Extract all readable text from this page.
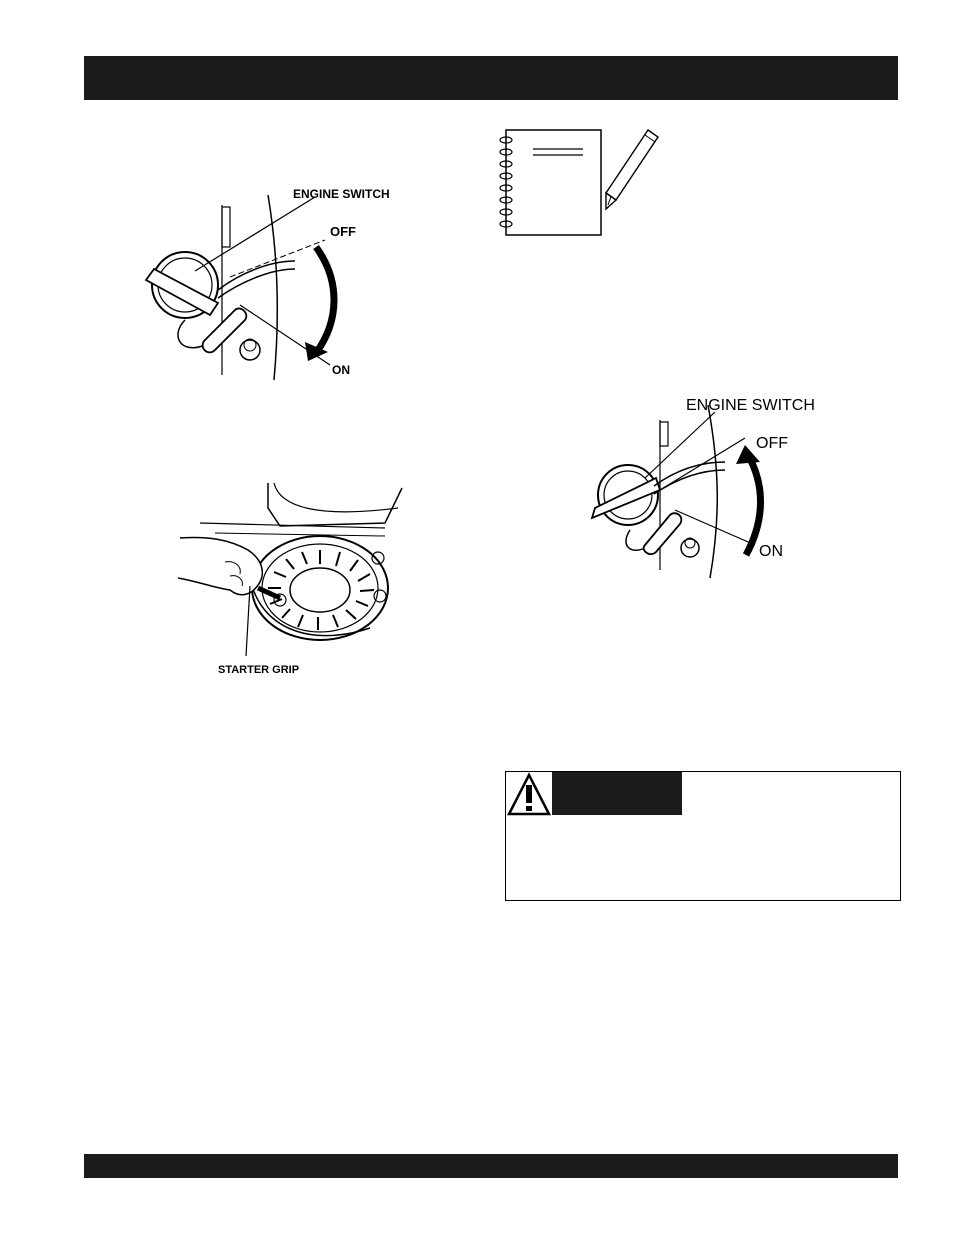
ENGINE SWITCH
OFF
ON
STARTER GRIP
ENGINE SWITCH
OFF
ON
